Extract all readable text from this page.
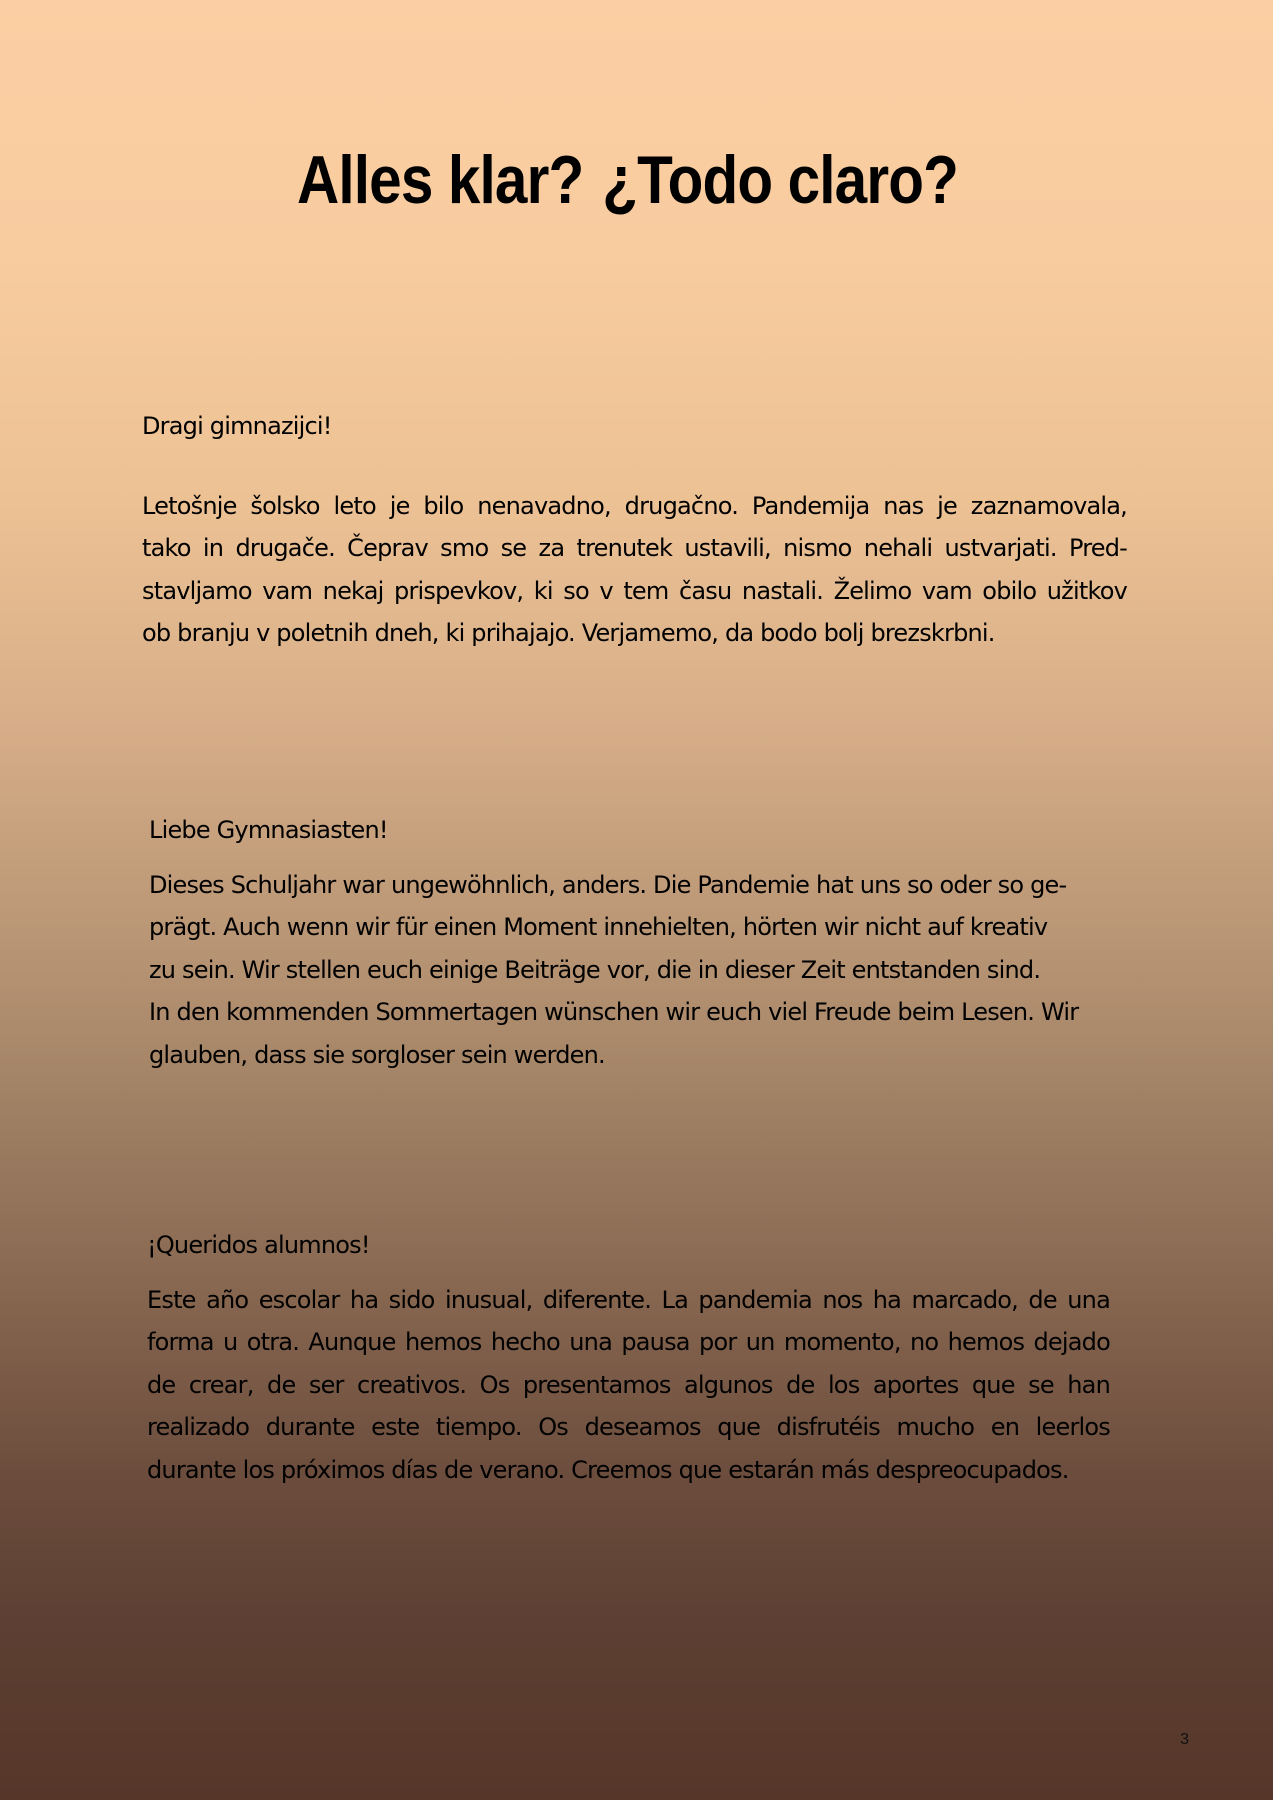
Alles klar? ¿Todo claro?

Dragi gimnazijci!

Letošnje šolsko leto je bilo nenavadno, drugačno. Pandemija nas je zaznamovala,
tako in drugače. Čeprav smo se za trenutek ustavili, nismo nehali ustvarjati. Pred-
stavljamo vam nekaj prispevkov, ki so v tem času nastali. Želimo vam obilo užitkov
ob branju v poletnih dneh, ki prihajajo. Verjamemo, da bodo bolj brezskrbni.

Liebe Gymnasiasten!

Dieses Schuljahr war ungewöhnlich, anders. Die Pandemie hat uns so oder so ge-
prägt. Auch wenn wir für einen Moment innehielten, hörten wir nicht auf kreativ
zu sein. Wir stellen euch einige Beiträge vor, die in dieser Zeit entstanden sind.
In den kommenden Sommertagen wünschen wir euch viel Freude beim Lesen. Wir
glauben, dass sie sorgloser sein werden.

¡Queridos alumnos!

Este año escolar ha sido inusual, diferente. La pandemia nos ha marcado, de una
forma u otra. Aunque hemos hecho una pausa por un momento, no hemos dejado
de crear, de ser creativos. Os presentamos algunos de los aportes que se han
realizado durante este tiempo. Os deseamos que disfrutéis mucho en leerlos
durante los próximos días de verano. Creemos que estarán más despreocupados.

3
